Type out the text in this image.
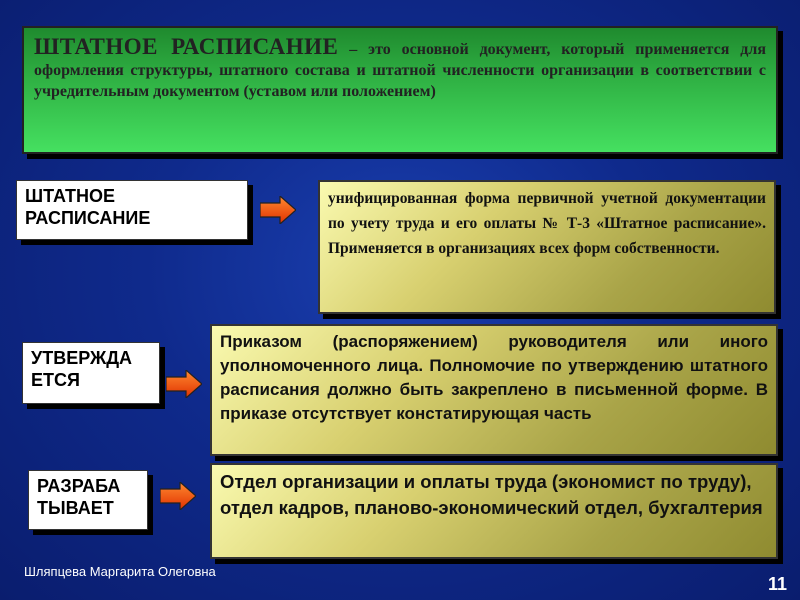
ШТАТНОЕ РАСПИСАНИЕ – это основной документ, который применяется для оформления структуры, штатного состава и штатной численности организации в соответствии с учредительным документом (уставом или положением)
ШТАТНОЕ РАСПИСАНИЕ
унифицированная форма первичной учетной документации по учету труда и его оплаты № Т-3 «Штатное расписание». Применяется в организациях всех форм собственности.
УТВЕРЖДА ЕТСЯ
Приказом (распоряжением) руководителя или иного уполномоченного лица. Полномочие по утверждению штатного расписания должно быть закреплено в письменной форме. В приказе отсутствует констатирующая часть
РАЗРАБА ТЫВАЕТ
Отдел организации и оплаты труда (экономист по труду), отдел кадров, планово-экономический отдел, бухгалтерия
Шляпцева Маргарита Олеговна
11
